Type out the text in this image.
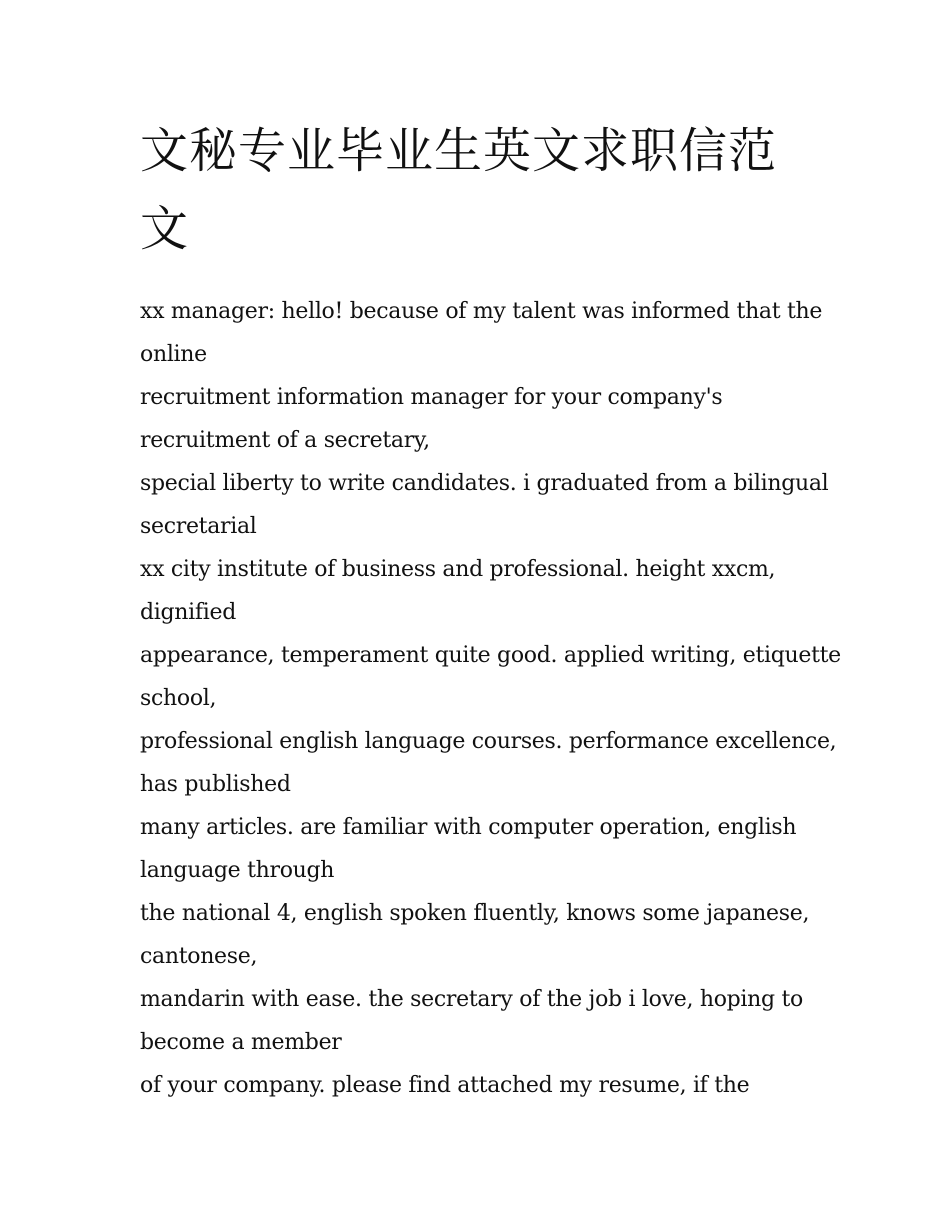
文秘专业毕业生英文求职信范文
xx manager: hello! because of my talent was informed that the
online
recruitment information manager for your company's
recruitment of a secretary,
special liberty to write candidates. i graduated from a bilingual
secretarial
xx city institute of business and professional. height xxcm,
dignified
appearance, temperament quite good. applied writing, etiquette
school,
professional english language courses. performance excellence,
has published
many articles. are familiar with computer operation, english
language through
the national 4, english spoken fluently, knows some japanese,
cantonese,
mandarin with ease. the secretary of the job i love, hoping to
become a member
of your company. please find attached my resume, if the
